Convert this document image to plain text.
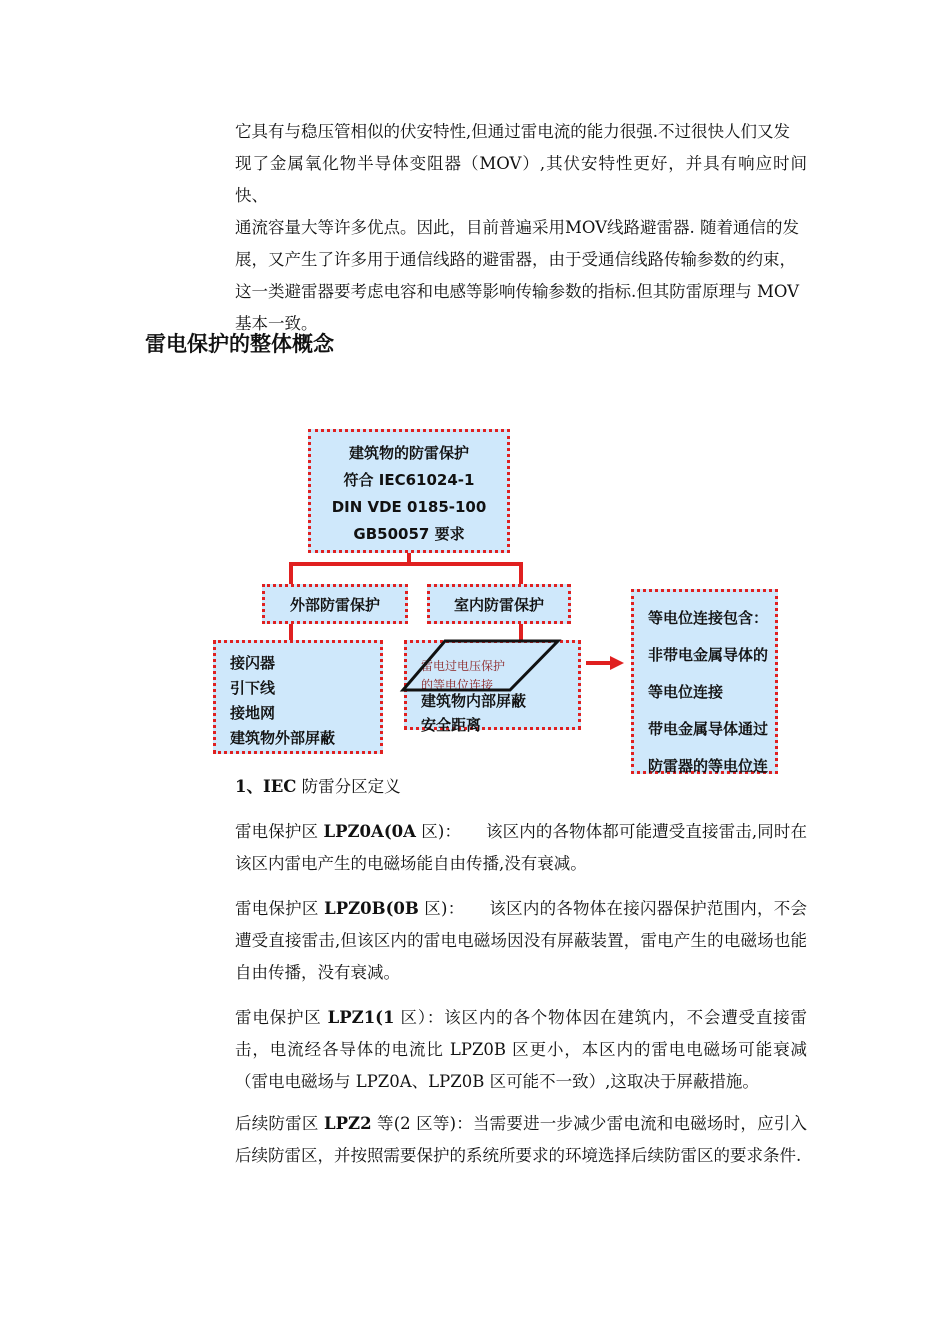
它具有与稳压管相似的伏安特性,但通过雷电流的能力很强.不过很快人们又发
现了金属氧化物半导体变阻器（MOV）,其伏安特性更好，并具有响应时间快、
通流容量大等许多优点。因此，目前普遍采用MOV线路避雷器. 随着通信的发
展，又产生了许多用于通信线路的避雷器，由于受通信线路传输参数的约束，
这一类避雷器要考虑电容和电感等影响传输参数的指标.但其防雷原理与 MOV
基本一致。
雷电保护的整体概念
建筑物的防雷保护
符合 IEC61024-1
DIN VDE 0185-100
GB50057 要求
外部防雷保护	室内防雷保护
接闪器
引下线
接地网
建筑物外部屏蔽
雷电过电压保护
的等电位连接
建筑物内部屏蔽
安全距离
等电位连接包含：
非带电金属导体的
等电位连接
带电金属导体通过
防雷器的等电位连
1、IEC 防雷分区定义
雷电保护区 LPZ0A(0A 区)：   该区内的各物体都可能遭受直接雷击,同时在该区内雷电产生的电磁场能自由传播,没有衰减。
雷电保护区 LPZ0B(0B 区)：   该区内的各物体在接闪器保护范围内，不会遭受直接雷击,但该区内的雷电电磁场因没有屏蔽装置，雷电产生的电磁场也能自由传播，没有衰减。
雷电保护区 LPZ1(1 区）：该区内的各个物体因在建筑内，不会遭受直接雷击，电流经各导体的电流比 LPZ0B 区更小，本区内的雷电电磁场可能衰减（雷电电磁场与 LPZ0A、LPZ0B 区可能不一致）,这取决于屏蔽措施。
后续防雷区 LPZ2 等(2 区等)：当需要进一步减少雷电流和电磁场时，应引入后续防雷区，并按照需要保护的系统所要求的环境选择后续防雷区的要求条件.
